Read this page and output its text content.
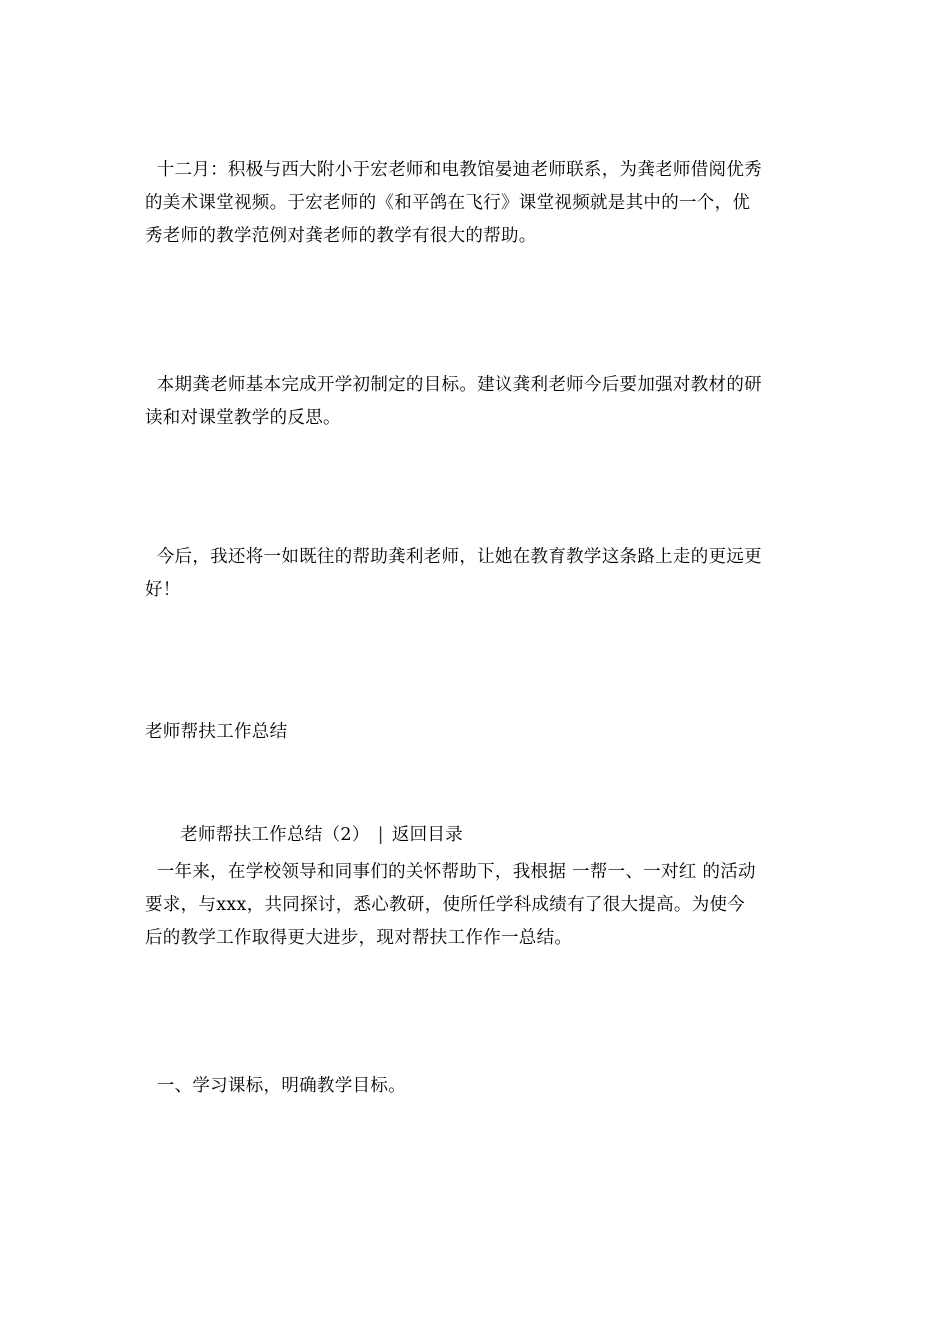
十二月：积极与西大附小于宏老师和电教馆晏迪老师联系，为龚老师借阅优秀
的美术课堂视频。于宏老师的《和平鸽在飞行》课堂视频就是其中的一个，优
秀老师的教学范例对龚老师的教学有很大的帮助。

本期龚老师基本完成开学初制定的目标。建议龚利老师今后要加强对教材的研
读和对课堂教学的反思。

今后，我还将一如既往的帮助龚利老师，让她在教育教学这条路上走的更远更
好！

老师帮扶工作总结

老师帮扶工作总结（2） | 返回目录

一年来，在学校领导和同事们的关怀帮助下，我根据 一帮一、一对红 的活动
要求，与xxx，共同探讨，悉心教研，使所任学科成绩有了很大提高。为使今
后的教学工作取得更大进步，现对帮扶工作作一总结。

一、学习课标，明确教学目标。
